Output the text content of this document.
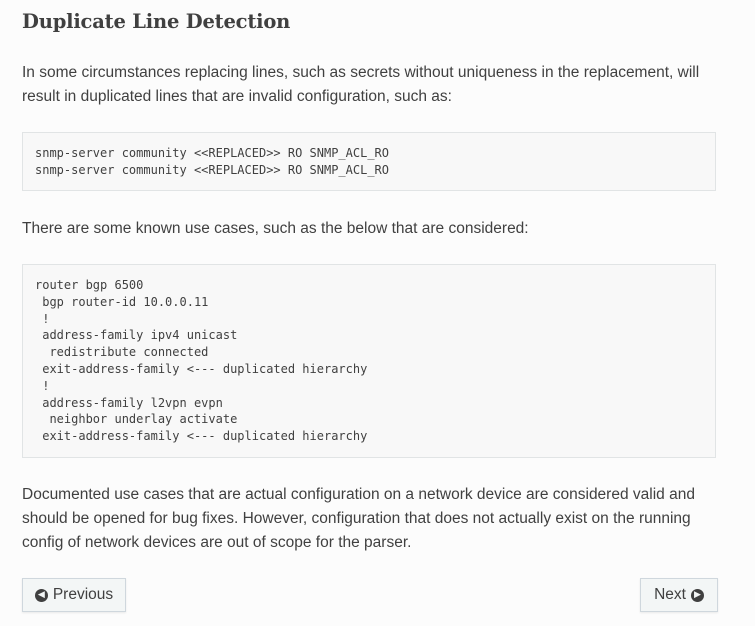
Duplicate Line Detection

In some circumstances replacing lines, such as secrets without uniqueness in the replacement, will result in duplicated lines that are invalid configuration, such as:

snmp-server community <<REPLACED>> RO SNMP_ACL_RO
snmp-server community <<REPLACED>> RO SNMP_ACL_RO

There are some known use cases, such as the below that are considered:

router bgp 6500
bgp router-id 10.0.0.11
!
address-family ipv4 unicast
redistribute connected
exit-address-family <--- duplicated hierarchy
!
address-family l2vpn evpn
neighbor underlay activate
exit-address-family <--- duplicated hierarchy

Documented use cases that are actual configuration on a network device are considered valid and should be opened for bug fixes. However, configuration that does not actually exist on the running config of network devices are out of scope for the parser.

◀ Previous	Next ▶
